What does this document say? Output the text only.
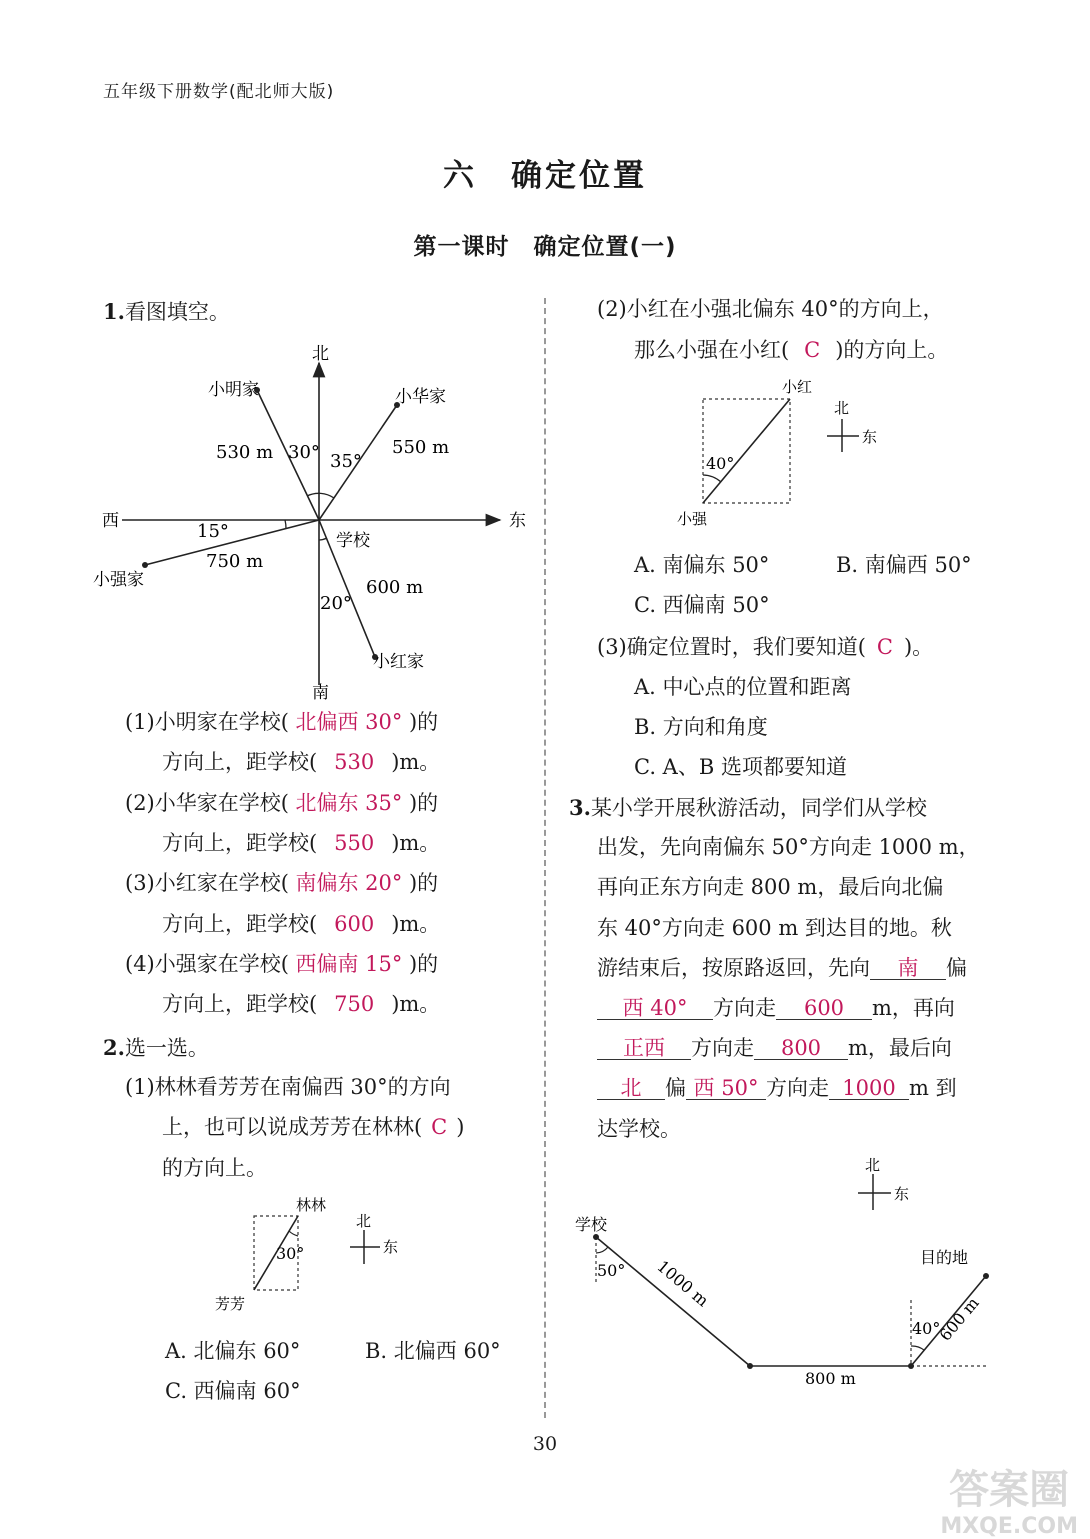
五年级下册数学(配北师大版)
六　确定位置
第一课时　确定位置(一)
1.看图填空。
北
南
东
西
小明家	小华家
小强家
小红家
学校
530 m	550 m
750 m
600 m
30° 35°
15°
20°
(1)小明家在学校( 北偏西 30° )的
方向上，距学校( 530 )m。
(2)小华家在学校( 北偏东 35° )的
方向上，距学校( 550 )m。
(3)小红家在学校( 南偏东 20° )的
方向上，距学校( 600 )m。
(4)小强家在学校( 西偏南 15° )的
方向上，距学校( 750 )m。
2.选一选。
(1)林林看芳芳在南偏西 30°的方向
上，也可以说成芳芳在林林( C )
的方向上。
林林
芳芳
30°
北
东
A. 北偏东 60°	B. 北偏西 60°
C. 西偏南 60°
(2)小红在小强北偏东 40°的方向上，
那么小强在小红( C )的方向上。
小红
小强
40°
北
东
A. 南偏东 50°	B. 南偏西 50°
C. 西偏南 50°
(3)确定位置时，我们要知道( C )。
A. 中心点的位置和距离
B. 方向和角度
C. A、B 选项都要知道
3.某小学开展秋游活动，同学们从学校
出发，先向南偏东 50°方向走 1000 m，
再向正东方向走 800 m，最后向北偏
东 40°方向走 600 m 到达目的地。秋
游结束后，按原路返回，先向 南 偏
西 40° 方向走 600 m，再向
正西 方向走 800 m，最后向
北 偏 西 50° 方向走 1000 m 到
达学校。
北
东
学校
目的地
50°
40°
800 m
1000 m
600 m
30
答案圈
MXQE.COM
